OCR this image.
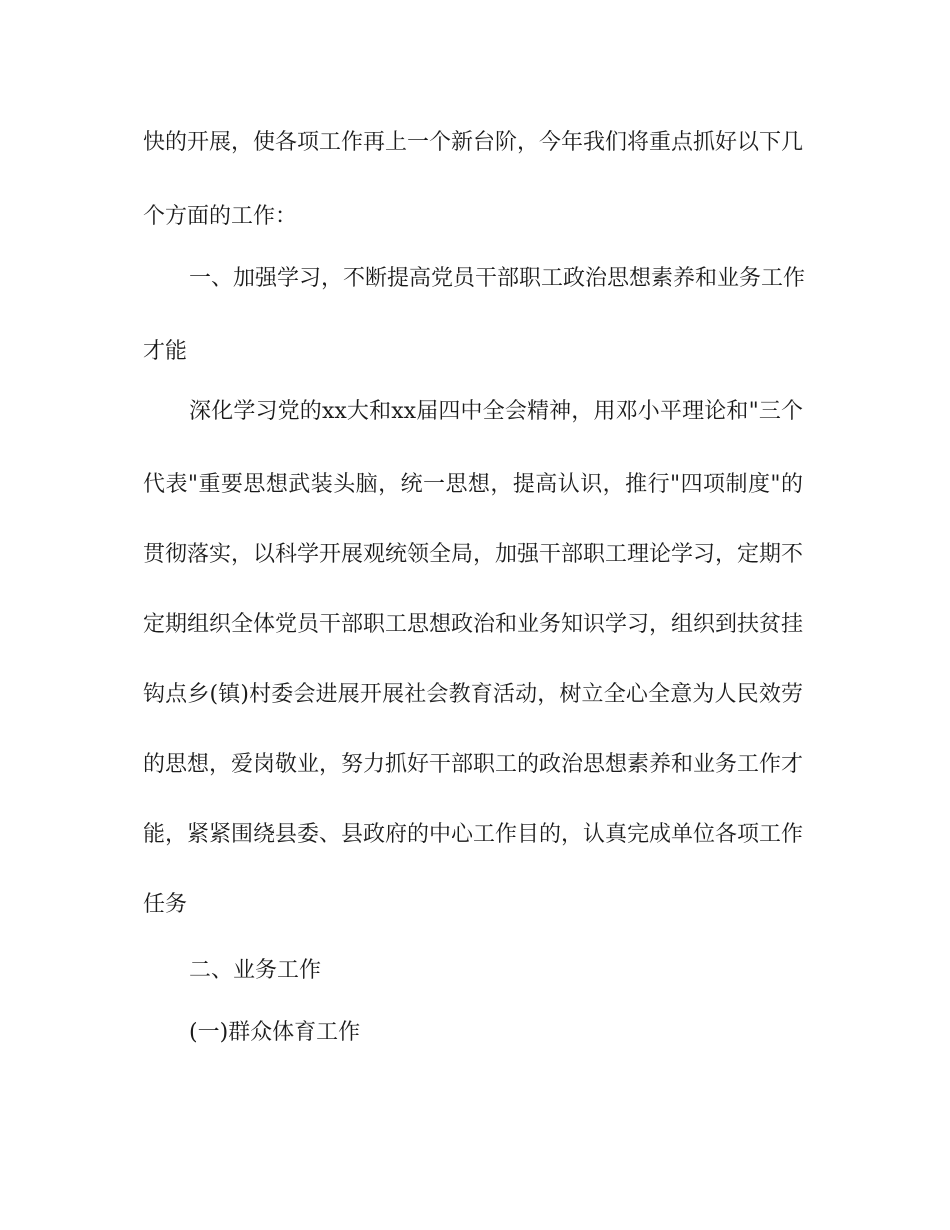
快的开展，使各项工作再上一个新台阶，今年我们将重点抓好以下几
个方面的工作：
一、加强学习，不断提高党员干部职工政治思想素养和业务工作
才能
深化学习党的xx大和xx届四中全会精神，用邓小平理论和"三个
代表"重要思想武装头脑，统一思想，提高认识，推行"四项制度"的
贯彻落实，以科学开展观统领全局，加强干部职工理论学习，定期不
定期组织全体党员干部职工思想政治和业务知识学习，组织到扶贫挂
钩点乡(镇)村委会进展开展社会教育活动，树立全心全意为人民效劳
的思想，爱岗敬业，努力抓好干部职工的政治思想素养和业务工作才
能，紧紧围绕县委、县政府的中心工作目的，认真完成单位各项工作
任务
二、业务工作
(一)群众体育工作
